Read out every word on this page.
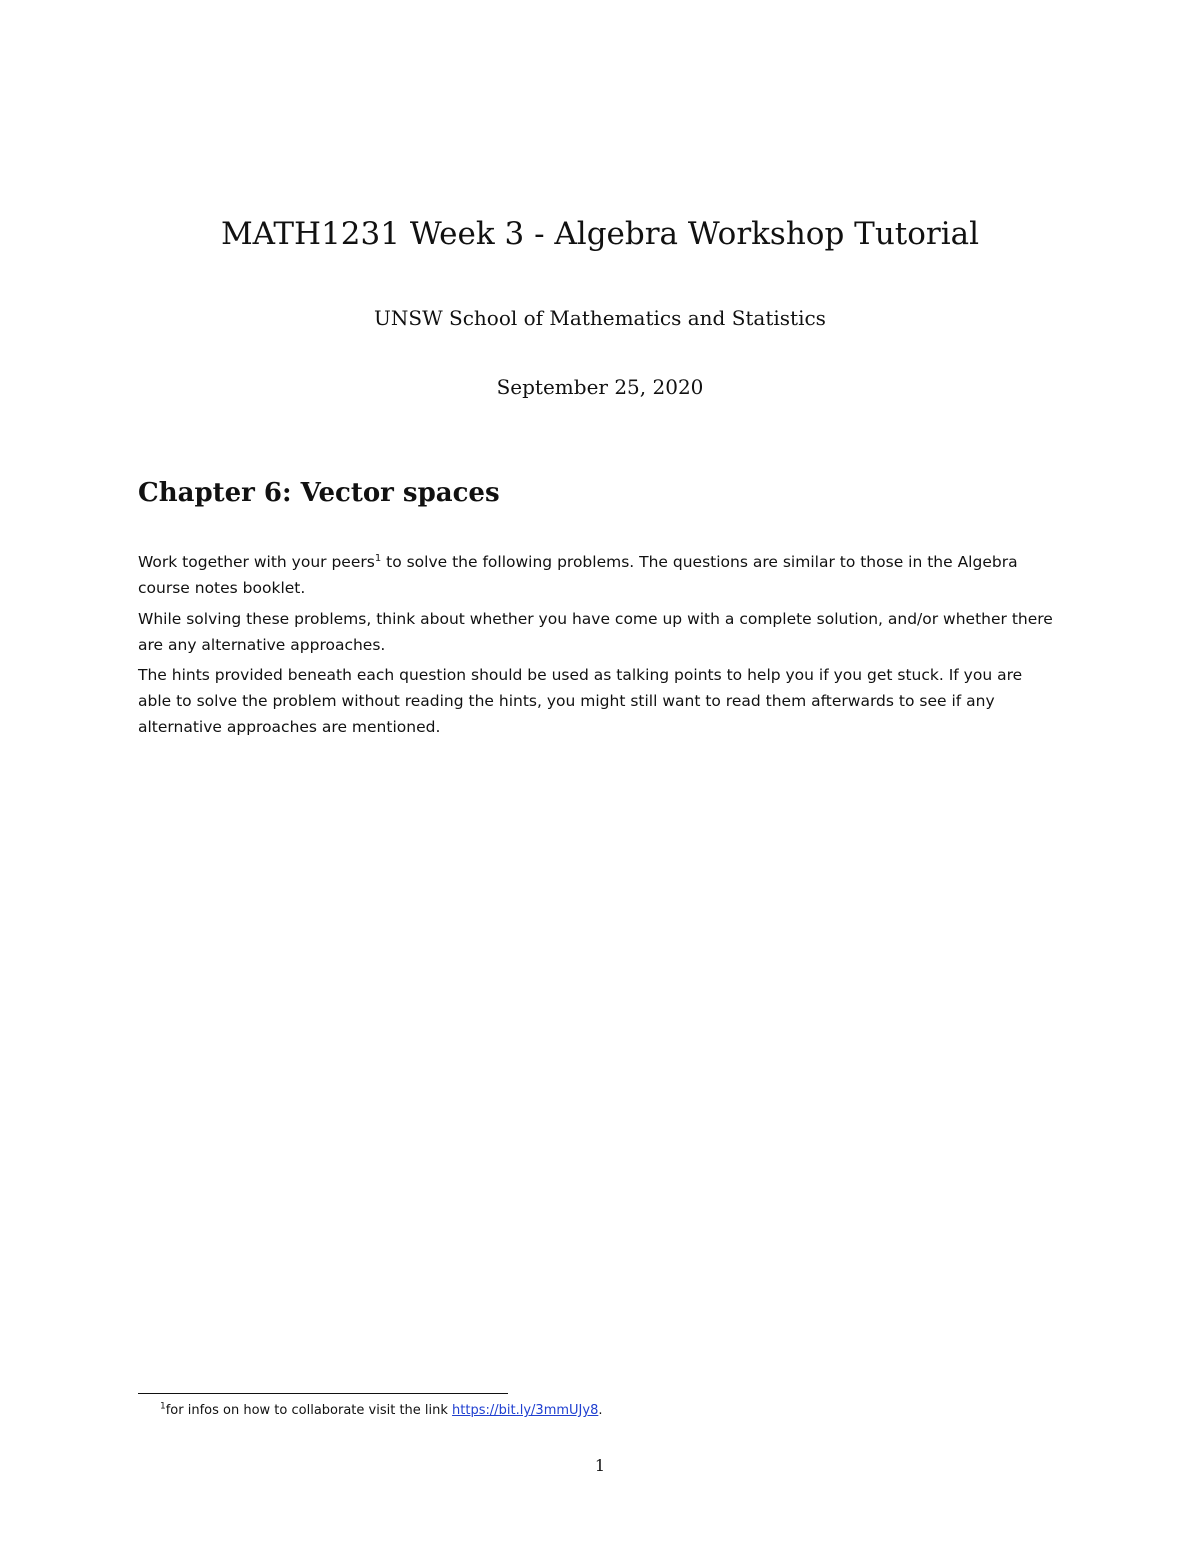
MATH1231 Week 3 - Algebra Workshop Tutorial
UNSW School of Mathematics and Statistics
September 25, 2020
Chapter 6: Vector spaces

Work together with your peers$^1$ to solve the following problems. The questions are similar to those in the Algebra course notes booklet.

While solving these problems, think about whether you have come up with a complete solution, and/or whether there are any alternative approaches.

The hints provided beneath each question should be used as talking points to help you if you get stuck. If you are able to solve the problem without reading the hints, you might still want to read them afterwards to see if any alternative approaches are mentioned.

$^1$for infos on how to collaborate visit the link https://bit.ly/3mmUJy8.
1
